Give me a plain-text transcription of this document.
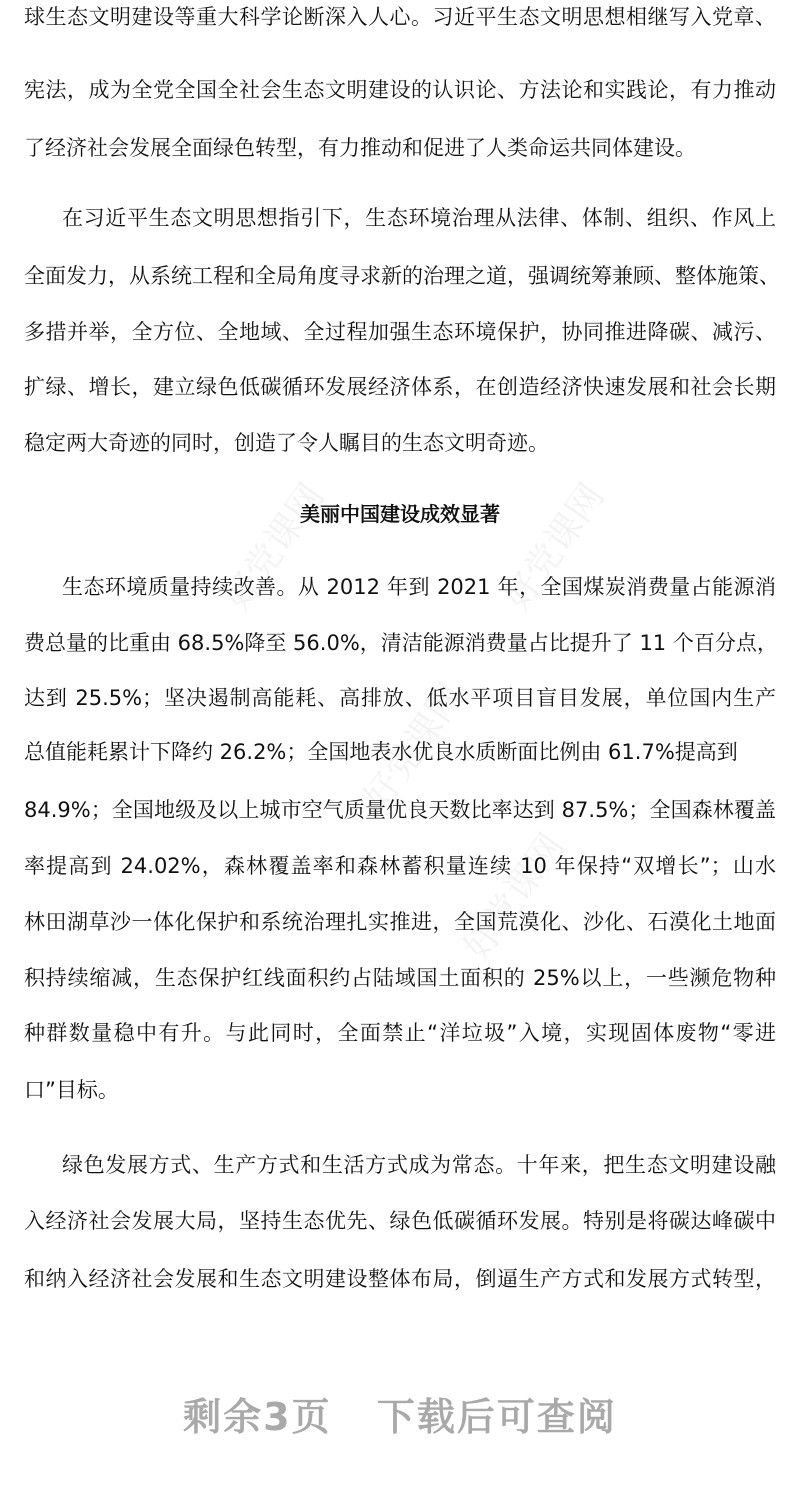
好党课网	好党课网
好党课网
好党课网
球生态文明建设等重大科学论断深入人心。习近平生态文明思想相继写入党章、
宪法，成为全党全国全社会生态文明建设的认识论、方法论和实践论，有力推动
了经济社会发展全面绿色转型，有力推动和促进了人类命运共同体建设。
在习近平生态文明思想指引下，生态环境治理从法律、体制、组织、作风上
全面发力，从系统工程和全局角度寻求新的治理之道，强调统筹兼顾、整体施策、
多措并举，全方位、全地域、全过程加强生态环境保护，协同推进降碳、减污、
扩绿、增长，建立绿色低碳循环发展经济体系，在创造经济快速发展和社会长期
稳定两大奇迹的同时，创造了令人瞩目的生态文明奇迹。
美丽中国建设成效显著
生态环境质量持续改善。从 2012 年到 2021 年，全国煤炭消费量占能源消
费总量的比重由 68.5%降至 56.0%，清洁能源消费量占比提升了 11 个百分点，
达到 25.5%；坚决遏制高能耗、高排放、低水平项目盲目发展，单位国内生产
总值能耗累计下降约 26.2%；全国地表水优良水质断面比例由 61.7%提高到
84.9%；全国地级及以上城市空气质量优良天数比率达到 87.5%；全国森林覆盖
率提高到 24.02%，森林覆盖率和森林蓄积量连续 10 年保持“双增长”；山水
林田湖草沙一体化保护和系统治理扎实推进，全国荒漠化、沙化、石漠化土地面
积持续缩减，生态保护红线面积约占陆域国土面积的 25%以上，一些濒危物种
种群数量稳中有升。与此同时，全面禁止“洋垃圾”入境，实现固体废物“零进
口”目标。
绿色发展方式、生产方式和生活方式成为常态。十年来，把生态文明建设融
入经济社会发展大局，坚持生态优先、绿色低碳循环发展。特别是将碳达峰碳中
和纳入经济社会发展和生态文明建设整体布局，倒逼生产方式和发展方式转型，
剩余3页 下载后可查阅
